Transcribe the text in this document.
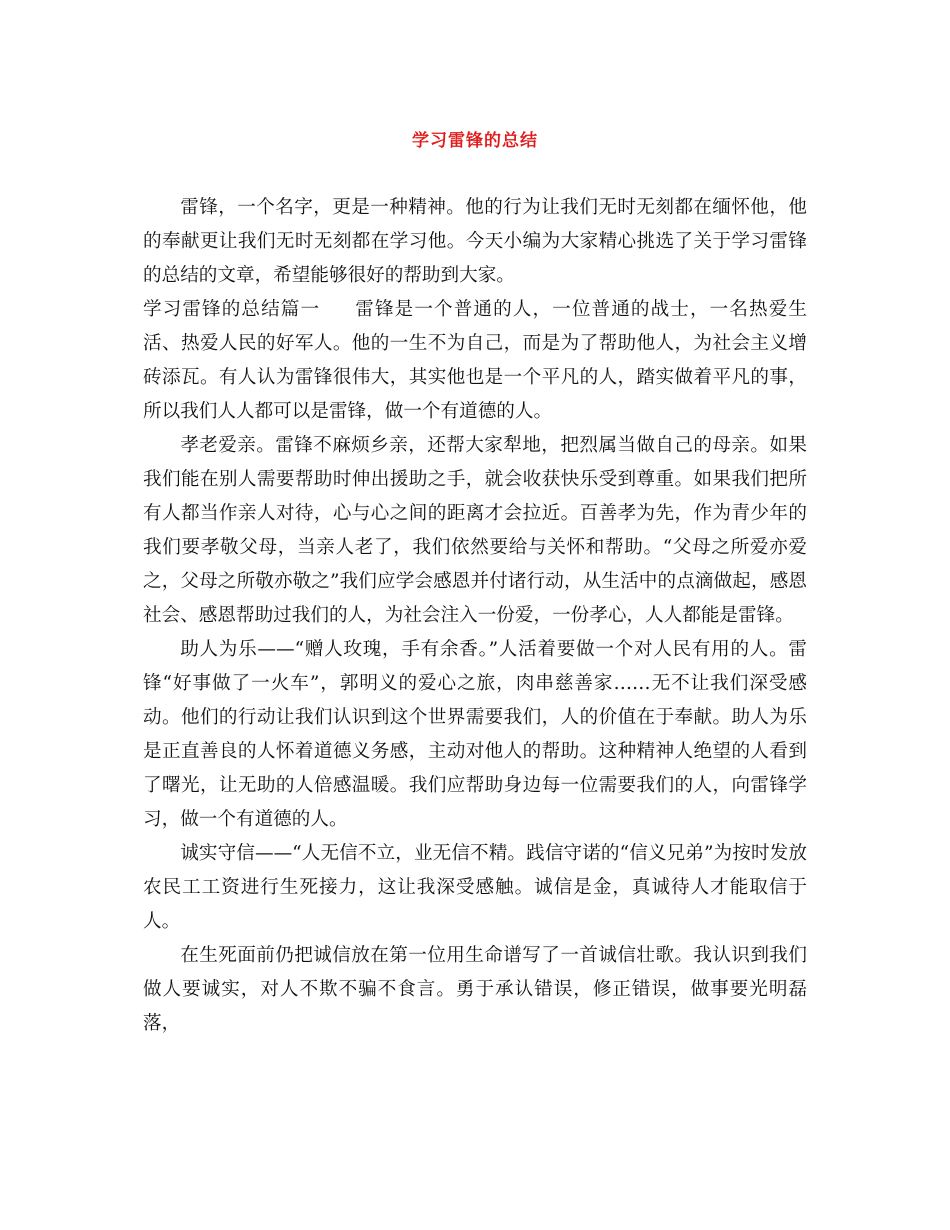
学习雷锋的总结

雷锋，一个名字，更是一种精神。他的行为让我们无时无刻都在缅怀他，他的奉献更让我们无时无刻都在学习他。今天小编为大家精心挑选了关于学习雷锋的总结的文章，希望能够很好的帮助到大家。

学习雷锋的总结篇一 雷锋是一个普通的人，一位普通的战士，一名热爱生活、热爱人民的好军人。他的一生不为自己，而是为了帮助他人，为社会主义增砖添瓦。有人认为雷锋很伟大，其实他也是一个平凡的人，踏实做着平凡的事，所以我们人人都可以是雷锋，做一个有道德的人。

孝老爱亲。雷锋不麻烦乡亲，还帮大家犁地，把烈属当做自己的母亲。如果我们能在别人需要帮助时伸出援助之手，就会收获快乐受到尊重。如果我们把所有人都当作亲人对待，心与心之间的距离才会拉近。百善孝为先，作为青少年的我们要孝敬父母，当亲人老了，我们依然要给与关怀和帮助。“父母之所爱亦爱之，父母之所敬亦敬之”我们应学会感恩并付诸行动，从生活中的点滴做起，感恩社会、感恩帮助过我们的人，为社会注入一份爱，一份孝心，人人都能是雷锋。

助人为乐——“赠人玫瑰，手有余香。”人活着要做一个对人民有用的人。雷锋“好事做了一火车”，郭明义的爱心之旅，肉串慈善家……无不让我们深受感动。他们的行动让我们认识到这个世界需要我们，人的价值在于奉献。助人为乐是正直善良的人怀着道德义务感，主动对他人的帮助。这种精神人绝望的人看到了曙光，让无助的人倍感温暖。我们应帮助身边每一位需要我们的人，向雷锋学习，做一个有道德的人。

诚实守信——“人无信不立，业无信不精。践信守诺的“信义兄弟”为按时发放农民工工资进行生死接力，这让我深受感触。诚信是金，真诚待人才能取信于人。

在生死面前仍把诚信放在第一位用生命谱写了一首诚信壮歌。我认识到我们做人要诚实，对人不欺不骗不食言。勇于承认错误，修正错误，做事要光明磊落，
